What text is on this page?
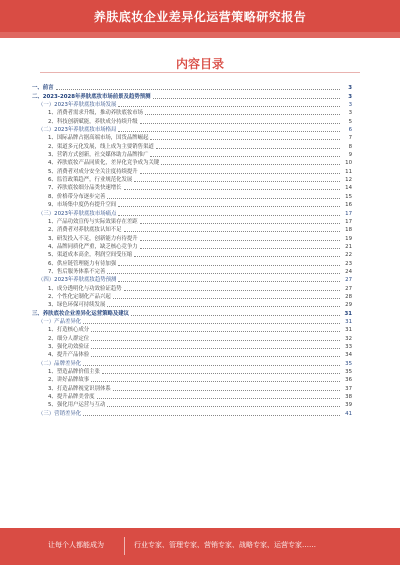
养肤底妆企业差异化运营策略研究报告
内容目录
一、前言	3
二、2023-2028年养肤底妆市场前景及趋势预测	3
（一）2023年养肤底妆市场发展	3
1、消费者需求升级，推动养肤底妆市场	3
2、科技创新赋能，养肤成分持续升级	5
（二）2023年养肤底妆市场格局	6
1、国际品牌占据高端市场，国货品牌崛起	7
2、渠道多元化发展，线上成为主要销售渠道	8
3、营销方式创新，社交媒体助力品牌推广	9
4、养肤底妆产品同质化，差异化竞争成为关键	10
5、消费者对成分安全关注度持续提升	11
6、监管政策趋严，行业规范化发展	12
7、养肤底妆细分品类快速增长	14
8、价格带分布逐步完善	15
9、市场集中度仍有提升空间	16
（三）2023年养肤底妆市场痛点	17
1、产品功效宣传与实际效果存在差距	17
2、消费者对养肤底妆认知不足	18
3、研发投入不足，创新能力有待提升	19
4、品牌同质化严重，缺乏核心竞争力	21
5、渠道成本高企，利润空间受压缩	22
6、供应链管理能力有待加强	23
7、售后服务体系不完善	24
（四）2023年养肤底妆趋势预测	27
1、成分透明化与功效验证趋势	27
2、个性化定制化产品兴起	28
3、绿色环保可持续发展	29
三、养肤底妆企业差异化运营策略及建议	31
（一）产品差异化	31
1、打造核心成分	31
2、细分人群定位	32
3、强化功效验证	33
4、提升产品体验	34
（二）品牌差异化	35
1、塑造品牌价值主张	35
2、讲好品牌故事	36
3、打造品牌视觉识别体系	37
4、提升品牌美誉度	38
5、强化用户运营与互动	39
（三）营销差异化	41
让每个人都能成为	行业专家、管理专家、营销专家、战略专家、运营专家……
